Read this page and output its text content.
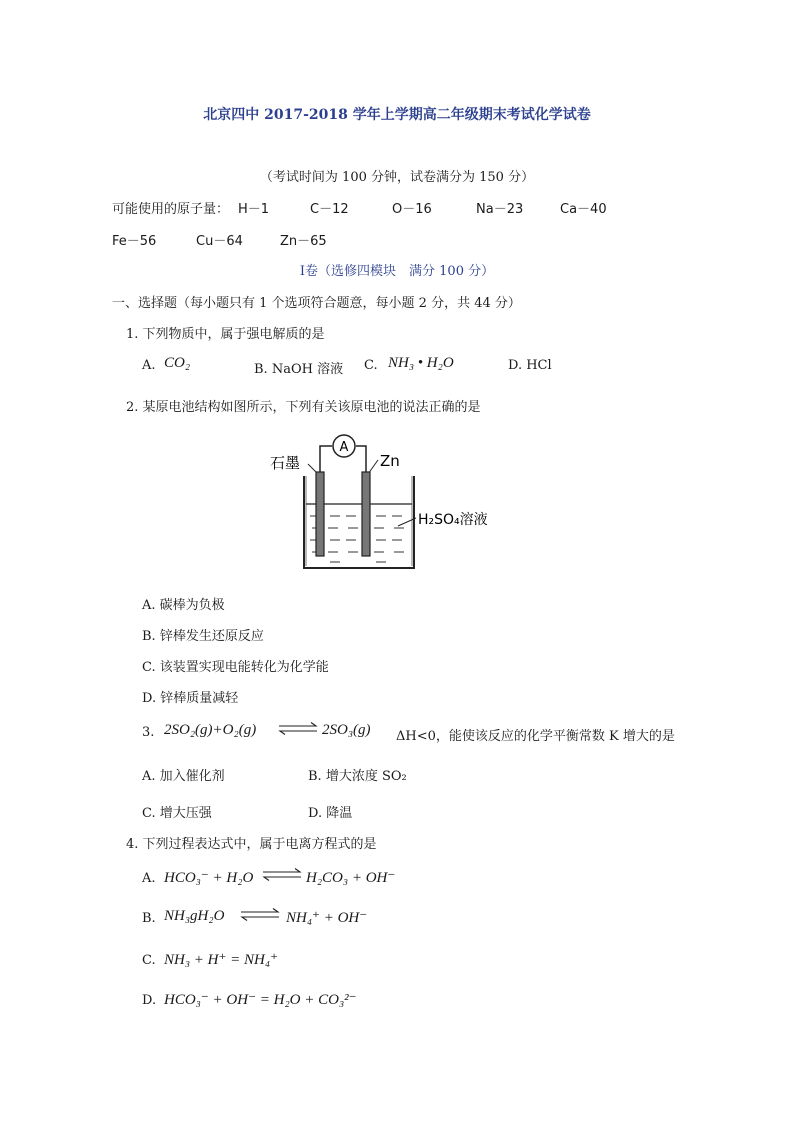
北京四中 2017-2018 学年上学期高二年级期末考试化学试卷
（考试时间为 100 分钟，试卷满分为 150 分）
可能使用的原子量： H－1	C－12	O－16	Na－23	Ca－40
Fe－56	Cu－64	Zn－65
Ⅰ卷（选修四模块　满分 100 分）
一、选择题（每小题只有 1 个选项符合题意，每小题 2 分，共 44 分）
1. 下列物质中，属于强电解质的是
A. CO₂	B. NaOH 溶液 C. NH₃ • H₂O	D. HCl
2. 某原电池结构如图所示，下列有关该原电池的说法正确的是
A
石墨	Zn
H₂SO₄溶液
A. 碳棒为负极
B. 锌棒发生还原反应
C. 该装置实现电能转化为化学能
D. 锌棒质量减轻
3. 2SO₂(g)+O₂(g) ⇌ 2SO₃(g) ΔH<0，能使该反应的化学平衡常数 K 增大的是
A. 加入催化剂	B. 增大浓度 SO₂
C. 增大压强	D. 降温
4. 下列过程表达式中，属于电离方程式的是
A. HCO₃⁻ + H₂O ⇌ H₂CO₃ + OH⁻
B. NH₃gH₂O ⇌ NH₄⁺ + OH⁻
C. NH₃ + H⁺ = NH₄⁺
D. HCO₃⁻ + OH⁻ = H₂O + CO₃²⁻
